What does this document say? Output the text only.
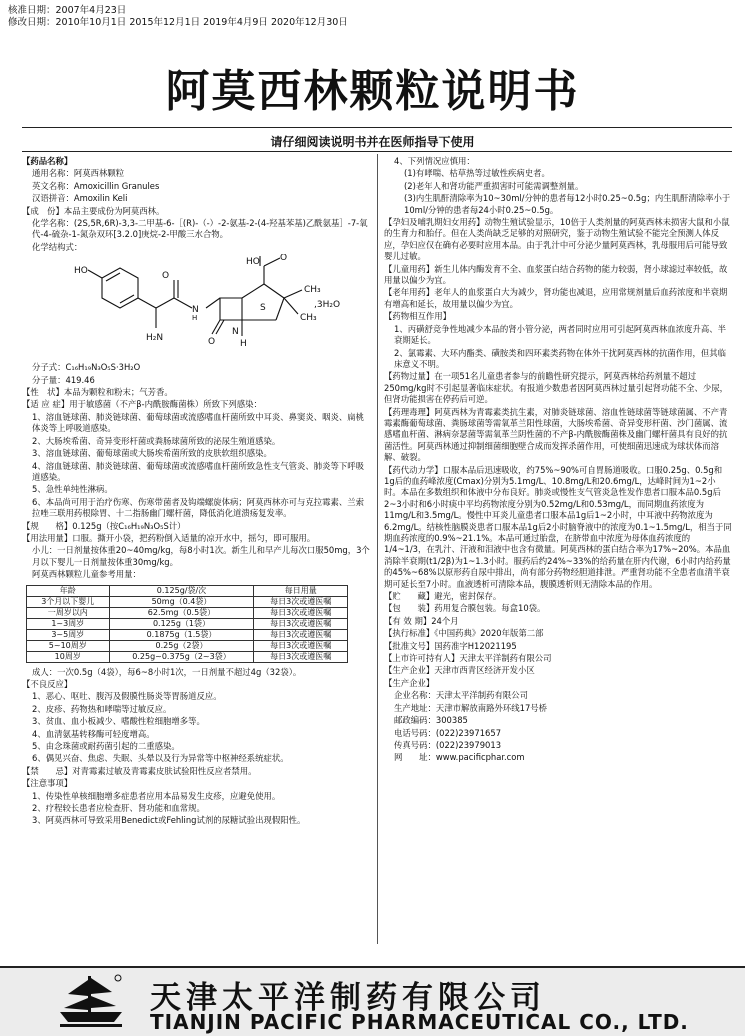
核准日期：2007年4月23日
修改日期：2010年10月1日 2015年12月1日 2019年4月9日 2020年12月30日
阿莫西林颗粒说明书
请仔细阅读说明书并在医师指导下使用

【药品名称】

通用名称：阿莫西林颗粒

英文名称：Amoxicillin Granules

汉语拼音：Amoxilin Keli

【成　份】本品主要成份为阿莫西林。

化学名称：(2S,5R,6R)-3,3-二甲基-6-［(R)-（-）-2-氨基-2-(4-羟基苯基)乙酰氨基］-7-氧代-4-硫杂-1-氮杂双环[3.2.0]庚烷-2-甲酸三水合物。

化学结构式：

HO
H₂N
O
N
H
O
N
HO O
S
CH₃
CH₃
H
,3H₂O

分子式：C₁₆H₁₉N₃O₅S·3H₂O

分子量：419.46

【性　状】本品为颗粒和粉末；气芳香。

【适 应 症】用于敏感菌（不产β-内酰胺酶菌株）所致下列感染：

1、溶血链球菌、肺炎链球菌、葡萄球菌或流感嗜血杆菌所致中耳炎、鼻窦炎、咽炎、扁桃体炎等上呼吸道感染。

2、大肠埃希菌、奇异变形杆菌或粪肠球菌所致的泌尿生殖道感染。

3、溶血链球菌、葡萄球菌或大肠埃希菌所致的皮肤软组织感染。

4、溶血链球菌、肺炎链球菌、葡萄球菌或流感嗜血杆菌所致急性支气管炎、肺炎等下呼吸道感染。

5、急性单纯性淋病。

6、本品尚可用于治疗伤寒、伤寒带菌者及钩端螺旋体病；阿莫西林亦可与克拉霉素、兰索拉唑三联用药根除胃、十二指肠幽门螺杆菌，降低消化道溃疡复发率。

【规　　格】0.125g（按C₁₆H₁₉N₃O₅S计）

【用法用量】口服。撕开小袋，把药粉倒入适量的凉开水中，摇匀，即可服用。

小儿：一日剂量按体重20~40mg/kg，每8小时1次。新生儿和早产儿每次口服50mg，3个月以下婴儿一日剂量按体重30mg/kg。

阿莫西林颗粒儿童参考用量：

年龄	0.125g/袋/次	每日用量
3个月以下婴儿	50mg（0.4袋）	每日3次或遵医嘱
一周岁以内	62.5mg（0.5袋）	每日3次或遵医嘱
1~3周岁	0.125g（1袋）	每日3次或遵医嘱
3~5周岁	0.1875g（1.5袋）	每日3次或遵医嘱
5~10周岁	0.25g（2袋）	每日3次或遵医嘱
10周岁	0.25g~0.375g（2~3袋）	每日3次或遵医嘱

成人：一次0.5g（4袋），每6~8小时1次，一日剂量不超过4g（32袋）。

【不良反应】

1、恶心、呕吐、腹泻及假膜性肠炎等胃肠道反应。

2、皮疹、药物热和哮喘等过敏反应。

3、贫血、血小板减少、嗜酸性粒细胞增多等。

4、血清氨基转移酶可轻度增高。

5、由念珠菌或耐药菌引起的二重感染。

6、偶见兴奋、焦虑、失眠、头晕以及行为异常等中枢神经系统症状。

【禁　　忌】对青霉素过敏及青霉素皮肤试验阳性反应者禁用。

【注意事项】

1、传染性单核细胞增多症患者应用本品易发生皮疹，应避免使用。

2、疗程较长患者应检查肝、肾功能和血常规。

3、阿莫西林可导致采用Benedict或Fehling试剂的尿糖试验出现假阳性。

4、下列情况应慎用：

(1)有哮喘、枯草热等过敏性疾病史者。

(2)老年人和肾功能严重损害时可能需调整剂量。

(3)内生肌酐清除率为10~30ml/分钟的患者每12小时0.25~0.5g；内生肌酐清除率小于10ml/分钟的患者每24小时0.25~0.5g。

【孕妇及哺乳期妇女用药】动物生殖试验显示，10倍于人类剂量的阿莫西林未损害大鼠和小鼠的生育力和胎仔。但在人类尚缺乏足够的对照研究，鉴于动物生殖试验不能完全预测人体反应，孕妇应仅在确有必要时应用本品。由于乳汁中可分泌少量阿莫西林，乳母服用后可能导致婴儿过敏。

【儿童用药】新生儿体内酶发育不全、血浆蛋白结合药物的能力较弱，肾小球滤过率较低，故用量以偏少为宜。

【老年用药】老年人的血浆蛋白大为减少，肾功能也减退，应用常规剂量后血药浓度和半衰期有增高和延长，故用量以偏少为宜。

【药物相互作用】

1、丙磺舒竞争性地减少本品的肾小管分泌，两者同时应用可引起阿莫西林血浓度升高、半衰期延长。

2、氯霉素、大环内酯类、磺胺类和四环素类药物在体外干扰阿莫西林的抗菌作用，但其临床意义不明。

【药物过量】在一项51名儿童患者参与的前瞻性研究提示，阿莫西林给药剂量不超过250mg/kg时不引起显著临床症状。有报道少数患者因阿莫西林过量引起肾功能不全、少尿，但肾功能损害在停药后可逆。

【药理毒理】阿莫西林为青霉素类抗生素，对肺炎链球菌、溶血性链球菌等链球菌属、不产青霉素酶葡萄球菌、粪肠球菌等需氧革兰阳性球菌，大肠埃希菌、奇异变形杆菌、沙门菌属、流感嗜血杆菌、淋病奈瑟菌等需氧革兰阴性菌的不产β-内酰胺酶菌株及幽门螺杆菌具有良好的抗菌活性。阿莫西林通过抑制细菌细胞壁合成而发挥杀菌作用，可使细菌迅速成为球状体而溶解、破裂。

【药代动力学】口服本品后迅速吸收，约75%~90%可自胃肠道吸收。口服0.25g、0.5g和1g后的血药峰浓度(Cmax)分别为5.1mg/L、10.8mg/L和20.6mg/L，达峰时间为1~2小时。本品在多数组织和体液中分布良好。肺炎或慢性支气管炎急性发作患者口服本品0.5g后2~3小时和6小时痰中平均药物浓度分别为0.52mg/L和0.53mg/L，而同期血药浓度为11mg/L和3.5mg/L。慢性中耳炎儿童患者口服本品1g后1~2小时，中耳液中药物浓度为6.2mg/L。结核性脑膜炎患者口服本品1g后2小时脑脊液中的浓度为0.1~1.5mg/L，相当于同期血药浓度的0.9%~21.1%。本品可通过胎盘，在脐带血中浓度为母体血药浓度的1/4~1/3，在乳汁、汗液和泪液中也含有微量。阿莫西林的蛋白结合率为17%~20%。本品血消除半衰期(t1/2β)为1~1.3小时。服药后约24%~33%的给药量在肝内代谢，6小时内给药量的45%~68%以原形药自尿中排出，尚有部分药物经胆道排泄。严重肾功能不全患者血清半衰期可延长至7小时。血液透析可清除本品，腹膜透析则无清除本品的作用。

【贮　　藏】避光，密封保存。

【包　　装】药用复合膜包装。每盒10袋。

【有 效 期】24个月

【执行标准】《中国药典》2020年版第二部

【批准文号】国药准字H12021195

【上市许可持有人】天津太平洋制药有限公司

【生产企业】天津市西青区经济开发小区

【生产企业】

企业名称：天津太平洋制药有限公司

生产地址：天津市解放南路外环线17号桥

邮政编码：300385

电话号码：(022)23971657

传真号码：(022)23979013

网　　址：www.pacificphar.com

天津太平洋制药有限公司
TIANJIN PACIFIC PHARMACEUTICAL CO., LTD.
